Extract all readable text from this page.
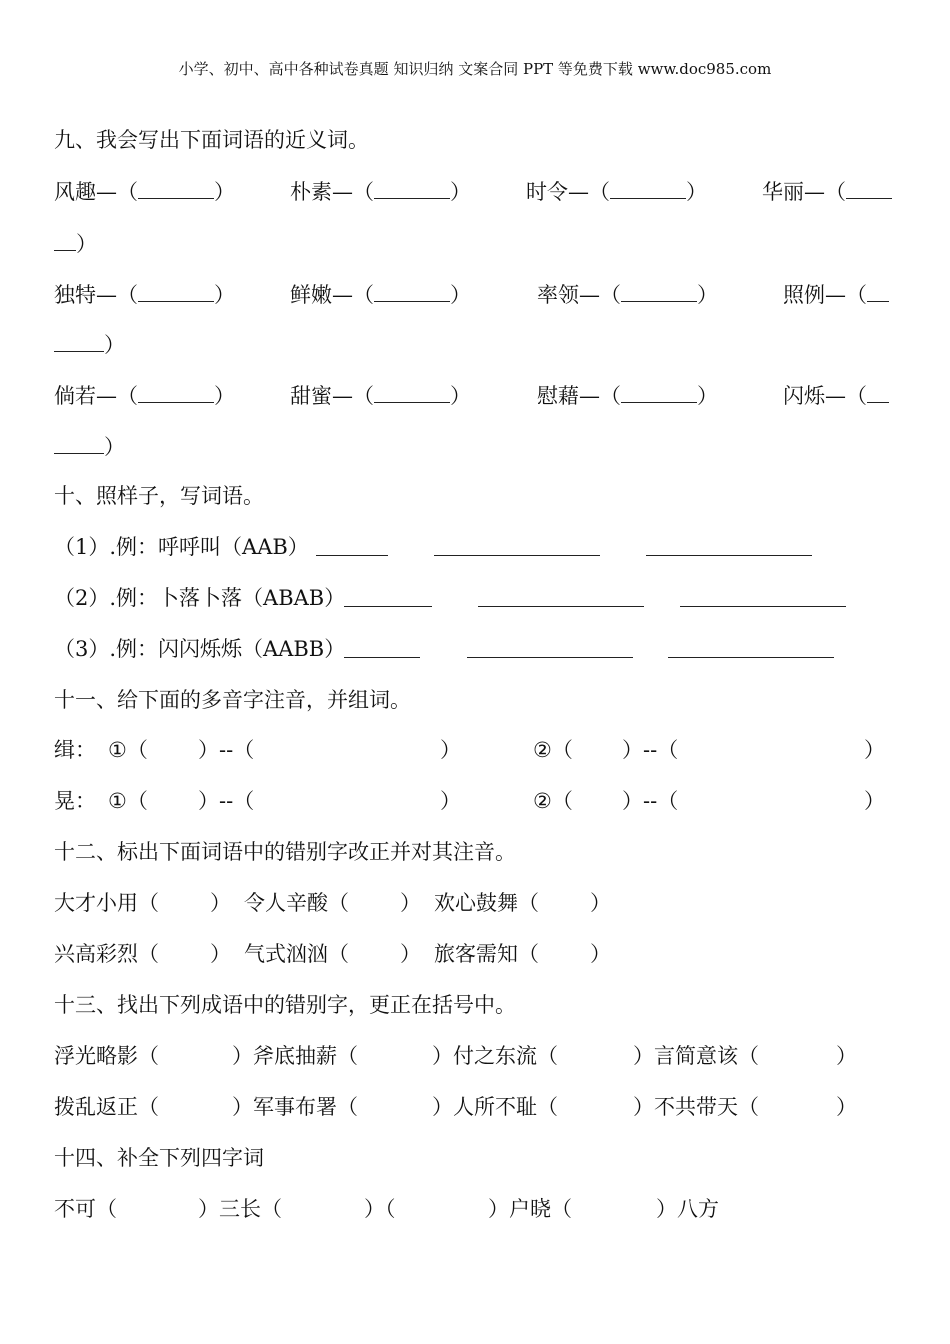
小学、初中、高中各种试卷真题 知识归纳 文案合同 PPT 等免费下载 www.doc985.com
九、我会写出下面词语的近义词。
风趣—（	）	朴素—（	）	时令—（	）	华丽—（
）
独特—（	）	鲜嫩—（	）	率领—（	）	照例—（
）
倘若—（	）	甜蜜—（	）	慰藉—（	）	闪烁—（
）
十、照样子，写词语。
（1）.例：呼呼叫（AAB）
（2）.例：卜落卜落（ABAB）
（3）.例：闪闪烁烁（AABB）
十一、给下面的多音字注音，并组词。
缉： ①（ ）--（	）	②（ ）--（	）
晃： ①（ ）--（	）	②（ ）--（	）
十二、标出下面词语中的错别字改正并对其注音。
大才小用（ ） 令人辛酸（ ） 欢心鼓舞（ ）
兴高彩烈（ ） 气式汹汹（ ） 旅客需知（ ）
十三、找出下列成语中的错别字，更正在括号中。
浮光略影（	）斧底抽薪（	）付之东流（	）言简意该（	）
拨乱返正（	）军事布署（	）人所不耻（	）不共带天（	）
十四、补全下列四字词
不可（	）三长（	）（	）户晓（	）八方
